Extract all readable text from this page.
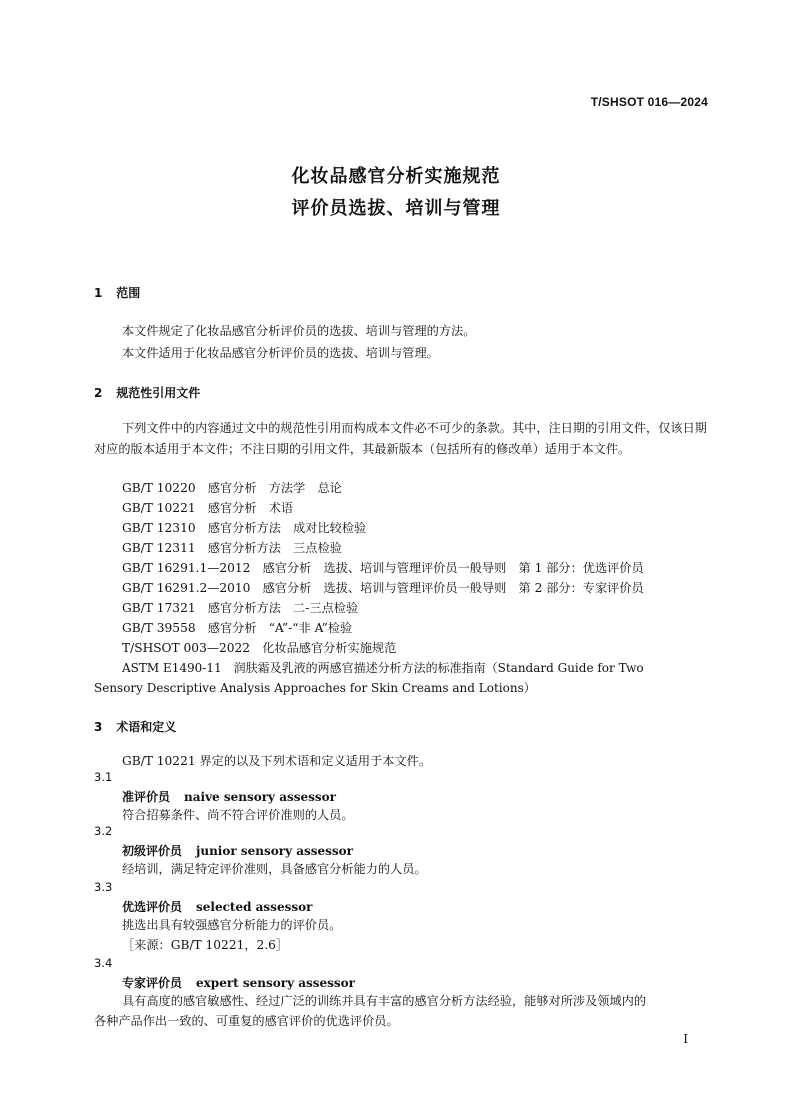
T/SHSOT 016—2024
化妆品感官分析实施规范
评价员选拔、培训与管理
1 范围
本文件规定了化妆品感官分析评价员的选拔、培训与管理的方法。
本文件适用于化妆品感官分析评价员的选拔、培训与管理。
2 规范性引用文件
下列文件中的内容通过文中的规范性引用而构成本文件必不可少的条款。其中，注日期的引用文件，仅该日期对应的版本适用于本文件；不注日期的引用文件，其最新版本（包括所有的修改单）适用于本文件。
GB/T 10220　感官分析　方法学　总论
GB/T 10221　感官分析　术语
GB/T 12310　感官分析方法　成对比较检验
GB/T 12311　感官分析方法　三点检验
GB/T 16291.1—2012　感官分析　选拔、培训与管理评价员一般导则　第 1 部分：优选评价员
GB/T 16291.2—2010　感官分析　选拔、培训与管理评价员一般导则　第 2 部分：专家评价员
GB/T 17321　感官分析方法　二-三点检验
GB/T 39558　感官分析　“A”-“非 A”检验
T/SHSOT 003—2022　化妆品感官分析实施规范
ASTM E1490-11　润肤霜及乳液的两感官描述分析方法的标准指南（Standard Guide for Two
Sensory Descriptive Analysis Approaches for Skin Creams and Lotions）
3 术语和定义
GB/T 10221 界定的以及下列术语和定义适用于本文件。
3.1
准评价员 naive sensory assessor
符合招募条件、尚不符合评价准则的人员。
3.2
初级评价员 junior sensory assessor
经培训，满足特定评价准则，具备感官分析能力的人员。
3.3
优选评价员 selected assessor
挑选出具有较强感官分析能力的评价员。
［来源：GB/T 10221，2.6］
3.4
专家评价员 expert sensory assessor
具有高度的感官敏感性、经过广泛的训练并具有丰富的感官分析方法经验，能够对所涉及领域内的
各种产品作出一致的、可重复的感官评价的优选评价员。
I
